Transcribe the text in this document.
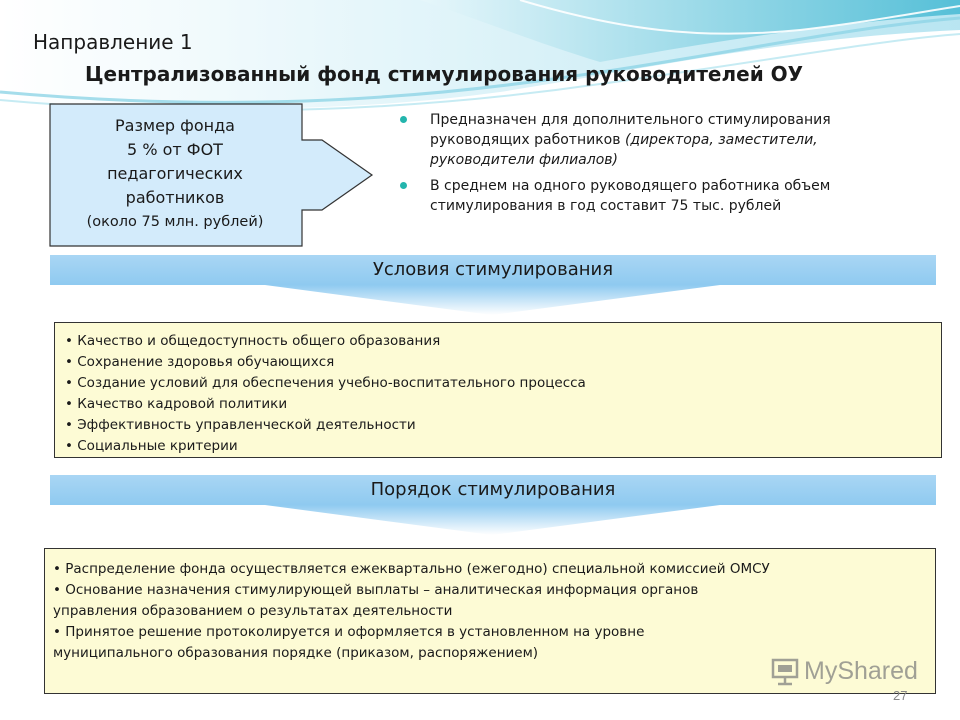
Направление 1
Централизованный фонд стимулирования руководителей ОУ
Размер фонда
5 % от ФОТ
педагогических
работников
(около 75 млн. рублей)
Предназначен для дополнительного стимулирования руководящих работников (директора, заместители, руководители филиалов)
В среднем на одного руководящего работника объем стимулирования в год составит 75 тыс. рублей
Условия стимулирования
• Качество и общедоступность общего образования
• Сохранение здоровья обучающихся
• Создание условий для обеспечения учебно-воспитательного процесса
• Качество кадровой политики
• Эффективность управленческой деятельности
• Социальные критерии
Порядок стимулирования
• Распределение фонда осуществляется ежеквартально (ежегодно) специальной комиссией ОМСУ
• Основание назначения стимулирующей выплаты – аналитическая информация органов
управления образованием о результатах деятельности
• Принятое решение протоколируется и оформляется в установленном на уровне
муниципального образования порядке (приказом, распоряжением)
MyShared
27
